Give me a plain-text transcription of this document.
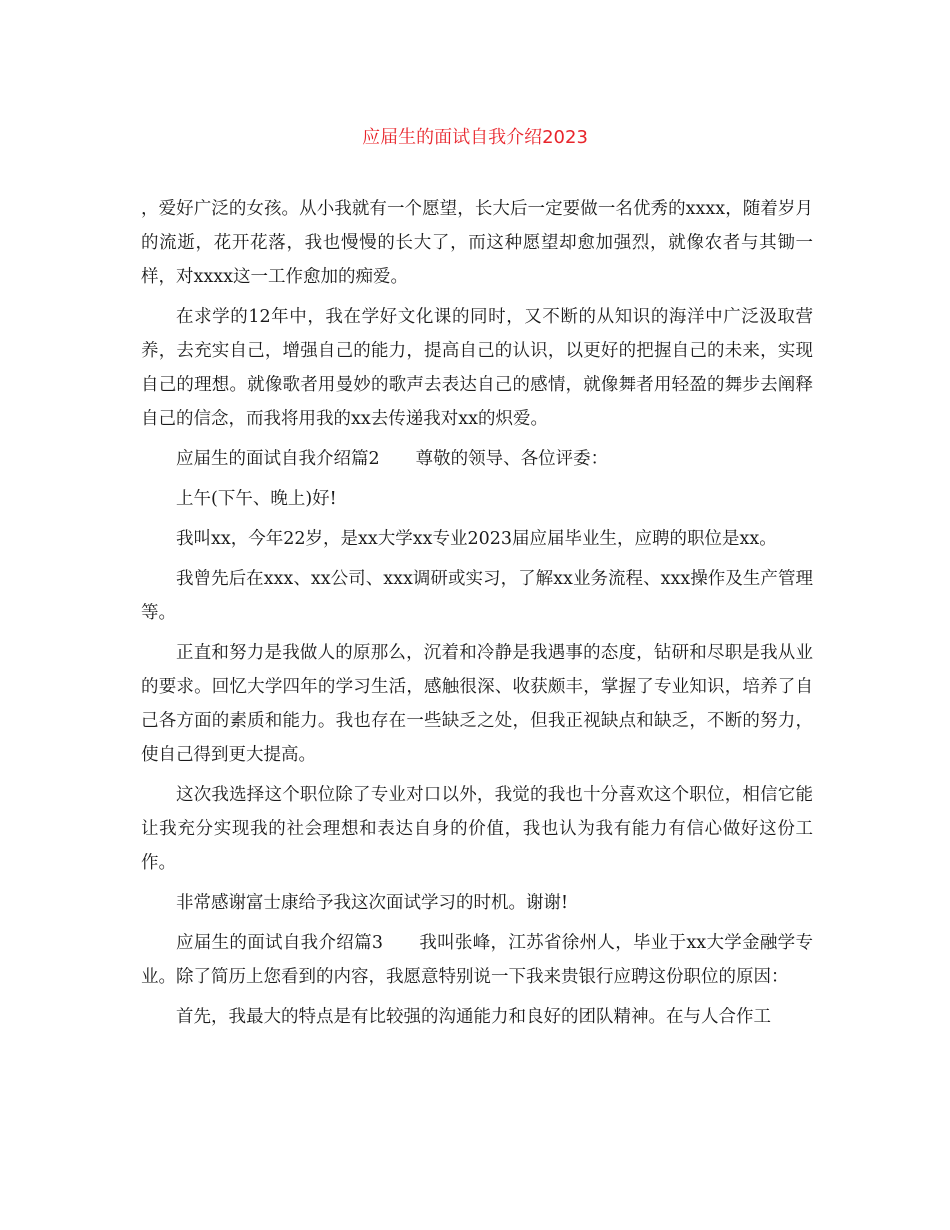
应届生的面试自我介绍2023

，爱好广泛的女孩。从小我就有一个愿望，长大后一定要做一名优秀的xxxx，随着岁月的流逝，花开花落，我也慢慢的长大了，而这种愿望却愈加强烈，就像农者与其锄一样，对xxxx这一工作愈加的痴爱。

在求学的12年中，我在学好文化课的同时，又不断的从知识的海洋中广泛汲取营养，去充实自己，增强自己的能力，提高自己的认识，以更好的把握自己的未来，实现自己的理想。就像歌者用曼妙的歌声去表达自己的感情，就像舞者用轻盈的舞步去阐释自己的信念，而我将用我的xx去传递我对xx的炽爱。

应届生的面试自我介绍篇2 尊敬的领导、各位评委：

上午(下午、晚上)好!

我叫xx，今年22岁，是xx大学xx专业2023届应届毕业生，应聘的职位是xx。

我曾先后在xxx、xx公司、xxx调研或实习，了解xx业务流程、xxx操作及生产管理等。

正直和努力是我做人的原那么，沉着和冷静是我遇事的态度，钻研和尽职是我从业的要求。回忆大学四年的学习生活，感触很深、收获颇丰，掌握了专业知识，培养了自己各方面的素质和能力。我也存在一些缺乏之处，但我正视缺点和缺乏，不断的努力，使自己得到更大提高。

这次我选择这个职位除了专业对口以外，我觉的我也十分喜欢这个职位，相信它能让我充分实现我的社会理想和表达自身的价值，我也认为我有能力有信心做好这份工作。

非常感谢富士康给予我这次面试学习的时机。谢谢!

应届生的面试自我介绍篇3 我叫张峰，江苏省徐州人，毕业于xx大学金融学专业。除了简历上您看到的内容，我愿意特别说一下我来贵银行应聘这份职位的原因：

首先，我最大的特点是有比较强的沟通能力和良好的团队精神。在与人合作工
